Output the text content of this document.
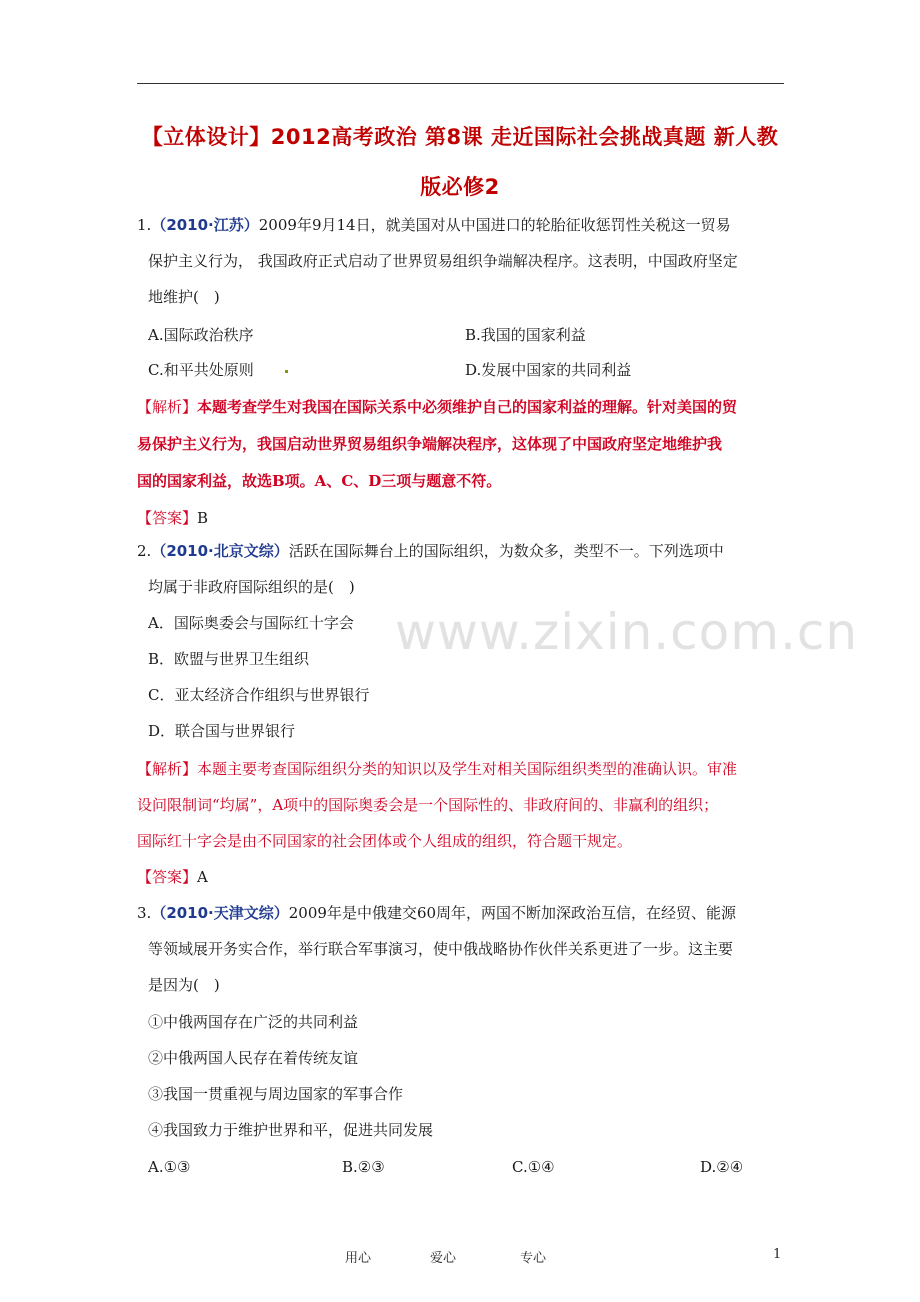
【立体设计】2012高考政治 第8课 走近国际社会挑战真题 新人教
版必修2
www.zixin.com.cn
1.（2010·江苏）2009年9月14日，就美国对从中国进口的轮胎征收惩罚性关税这一贸易
保护主义行为， 我国政府正式启动了世界贸易组织争端解决程序。这表明，中国政府坚定
地维护(　)
A.国际政治秩序	B.我国的国家利益
C.和平共处原则	D.发展中国家的共同利益
【解析】本题考查学生对我国在国际关系中必须维护自己的国家利益的理解。针对美国的贸
易保护主义行为，我国启动世界贸易组织争端解决程序，这体现了中国政府坚定地维护我
国的国家利益，故选B项。A、C、D三项与题意不符。
【答案】B
2.（2010·北京文综）活跃在国际舞台上的国际组织，为数众多，类型不一。下列选项中
均属于非政府国际组织的是(　)
A．国际奥委会与国际红十字会
B．欧盟与世界卫生组织
C．亚太经济合作组织与世界银行
D．联合国与世界银行
【解析】本题主要考查国际组织分类的知识以及学生对相关国际组织类型的准确认识。审准
设问限制词“均属”，A项中的国际奥委会是一个国际性的、非政府间的、非赢利的组织；
国际红十字会是由不同国家的社会团体或个人组成的组织，符合题干规定。
【答案】A
3.（2010·天津文综）2009年是中俄建交60周年，两国不断加深政治互信，在经贸、能源
等领域展开务实合作，举行联合军事演习，使中俄战略协作伙伴关系更进了一步。这主要
是因为(　)
①中俄两国存在广泛的共同利益
②中俄两国人民存在着传统友谊
③我国一贯重视与周边国家的军事合作
④我国致力于维护世界和平，促进共同发展
A.①③	B.②③	C.①④	D.②④
用心	爱心	专心	1
